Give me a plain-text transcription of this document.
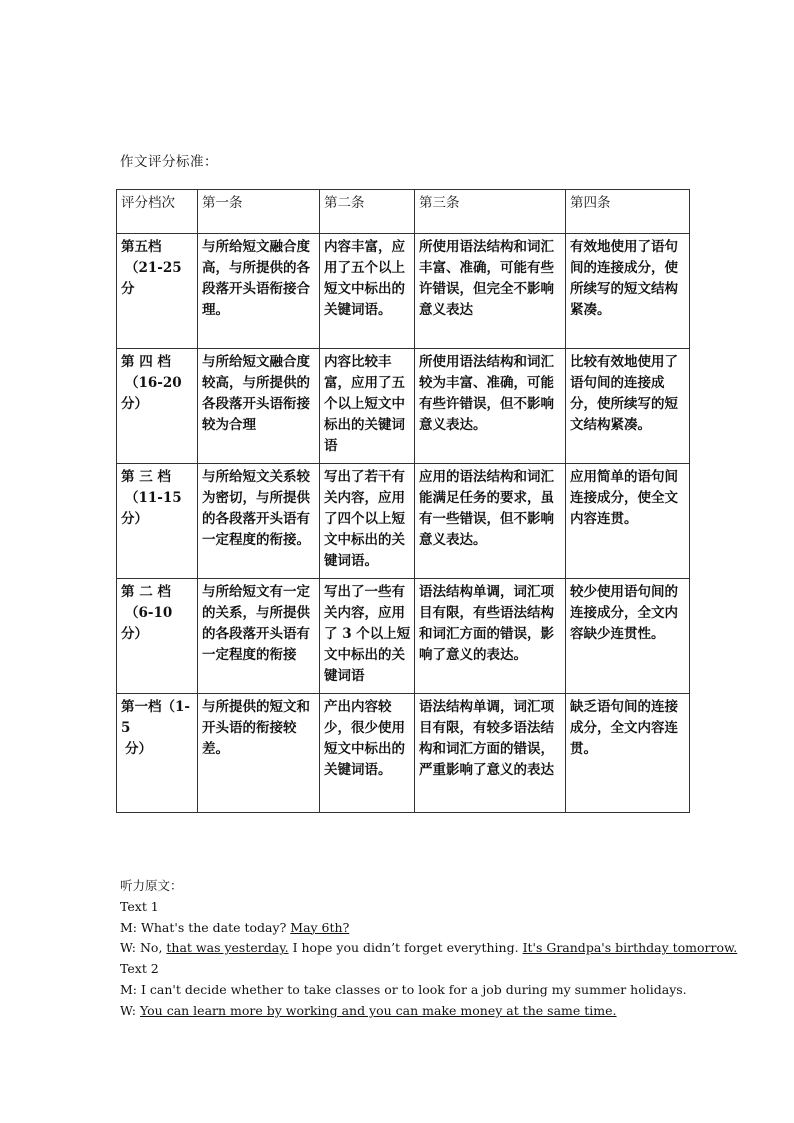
作文评分标准：
评分档次	第一条	第二条	第三条	第四条

第五档
（21-25 分	与所给短文融合度高，与所提供的各段落开头语衔接合理。	内容丰富，应用了五个以上短文中标出的关键词语。	所使用语法结构和词汇丰富、准确，可能有些许错误，但完全不影响意义表达	有效地使用了语句间的连接成分，使所续写的短文结构紧凑。

第 四 档
（16-20 分）	与所给短文融合度较高，与所提供的各段落开头语衔接较为合理	内容比较丰富，应用了五个以上短文中标出的关键词语	所使用语法结构和词汇较为丰富、准确，可能有些许错误，但不影响意义表达。	比较有效地使用了语句间的连接成分，使所续写的短文结构紧凑。

第 三 档
（11-15 分）	与所给短文关系较为密切，与所提供的各段落开头语有一定程度的衔接。	写出了若干有关内容，应用了四个以上短文中标出的关键词语。	应用的语法结构和词汇能满足任务的要求，虽有一些错误，但不影响意义表达。	应用简单的语句间连接成分，使全文内容连贯。

第 二 档
（6-10 分）	与所给短文有一定的关系，与所提供的各段落开头语有一定程度的衔接	写出了一些有关内容，应用了 3 个以上短文中标出的关键词语	语法结构单调，词汇项目有限，有些语法结构和词汇方面的错误，影响了意义的表达。	较少使用语句间的连接成分，全文内容缺少连贯性。

第一档（1-5
分）	与所提供的短文和开头语的衔接较差。	产出内容较少，很少使用短文中标出的关键词语。	语法结构单调，词汇项目有限，有较多语法结构和词汇方面的错误，严重影响了意义的表达	缺乏语句间的连接成分，全文内容连贯。
听力原文：
Text 1
M: What's the date today? May 6th?
W: No, that was yesterday. I hope you didn’t forget everything. It's Grandpa's birthday tomorrow.
Text 2
M: I can't decide whether to take classes or to look for a job during my summer holidays.
W: You can learn more by working and you can make money at the same time.
